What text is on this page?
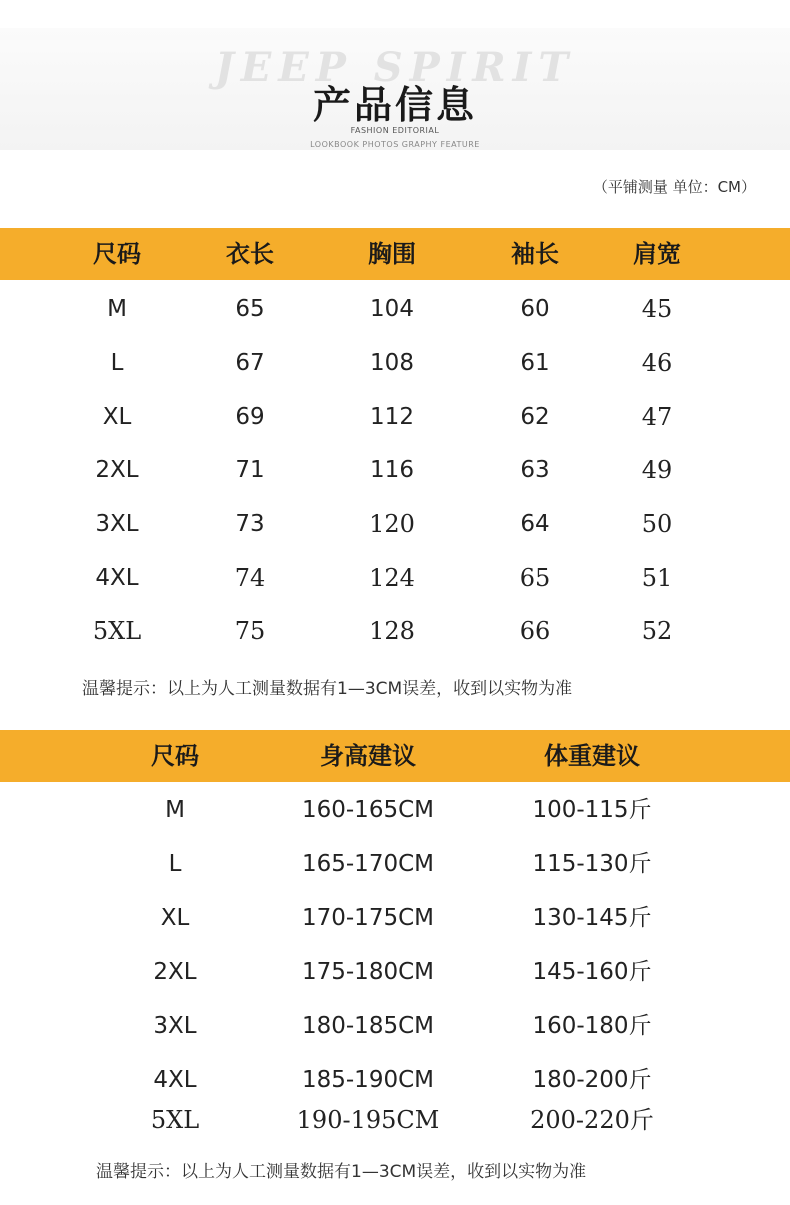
JEEP SPIRIT
产品信息
FASHION EDITORIAL
LOOKBOOK PHOTOS GRAPHY FEATURE
（平铺测量 单位：CM）
尺码	衣长	胸围	袖长	肩宽
M	65	104	60	45
L	67	108	61	46
XL	69	112	62	47
2XL	71	116	63	49
3XL	73	120	64	50
4XL	74	124	65	51
5XL	75	128	66	52
温馨提示：以上为人工测量数据有1—3CM误差，收到以实物为准
尺码	身高建议	体重建议
M	160-165CM	100-115斤
L	165-170CM	115-130斤
XL	170-175CM	130-145斤
2XL	175-180CM	145-160斤
3XL	180-185CM	160-180斤
4XL	185-190CM	180-200斤
5XL	190-195CM	200-220斤
温馨提示：以上为人工测量数据有1—3CM误差，收到以实物为准
